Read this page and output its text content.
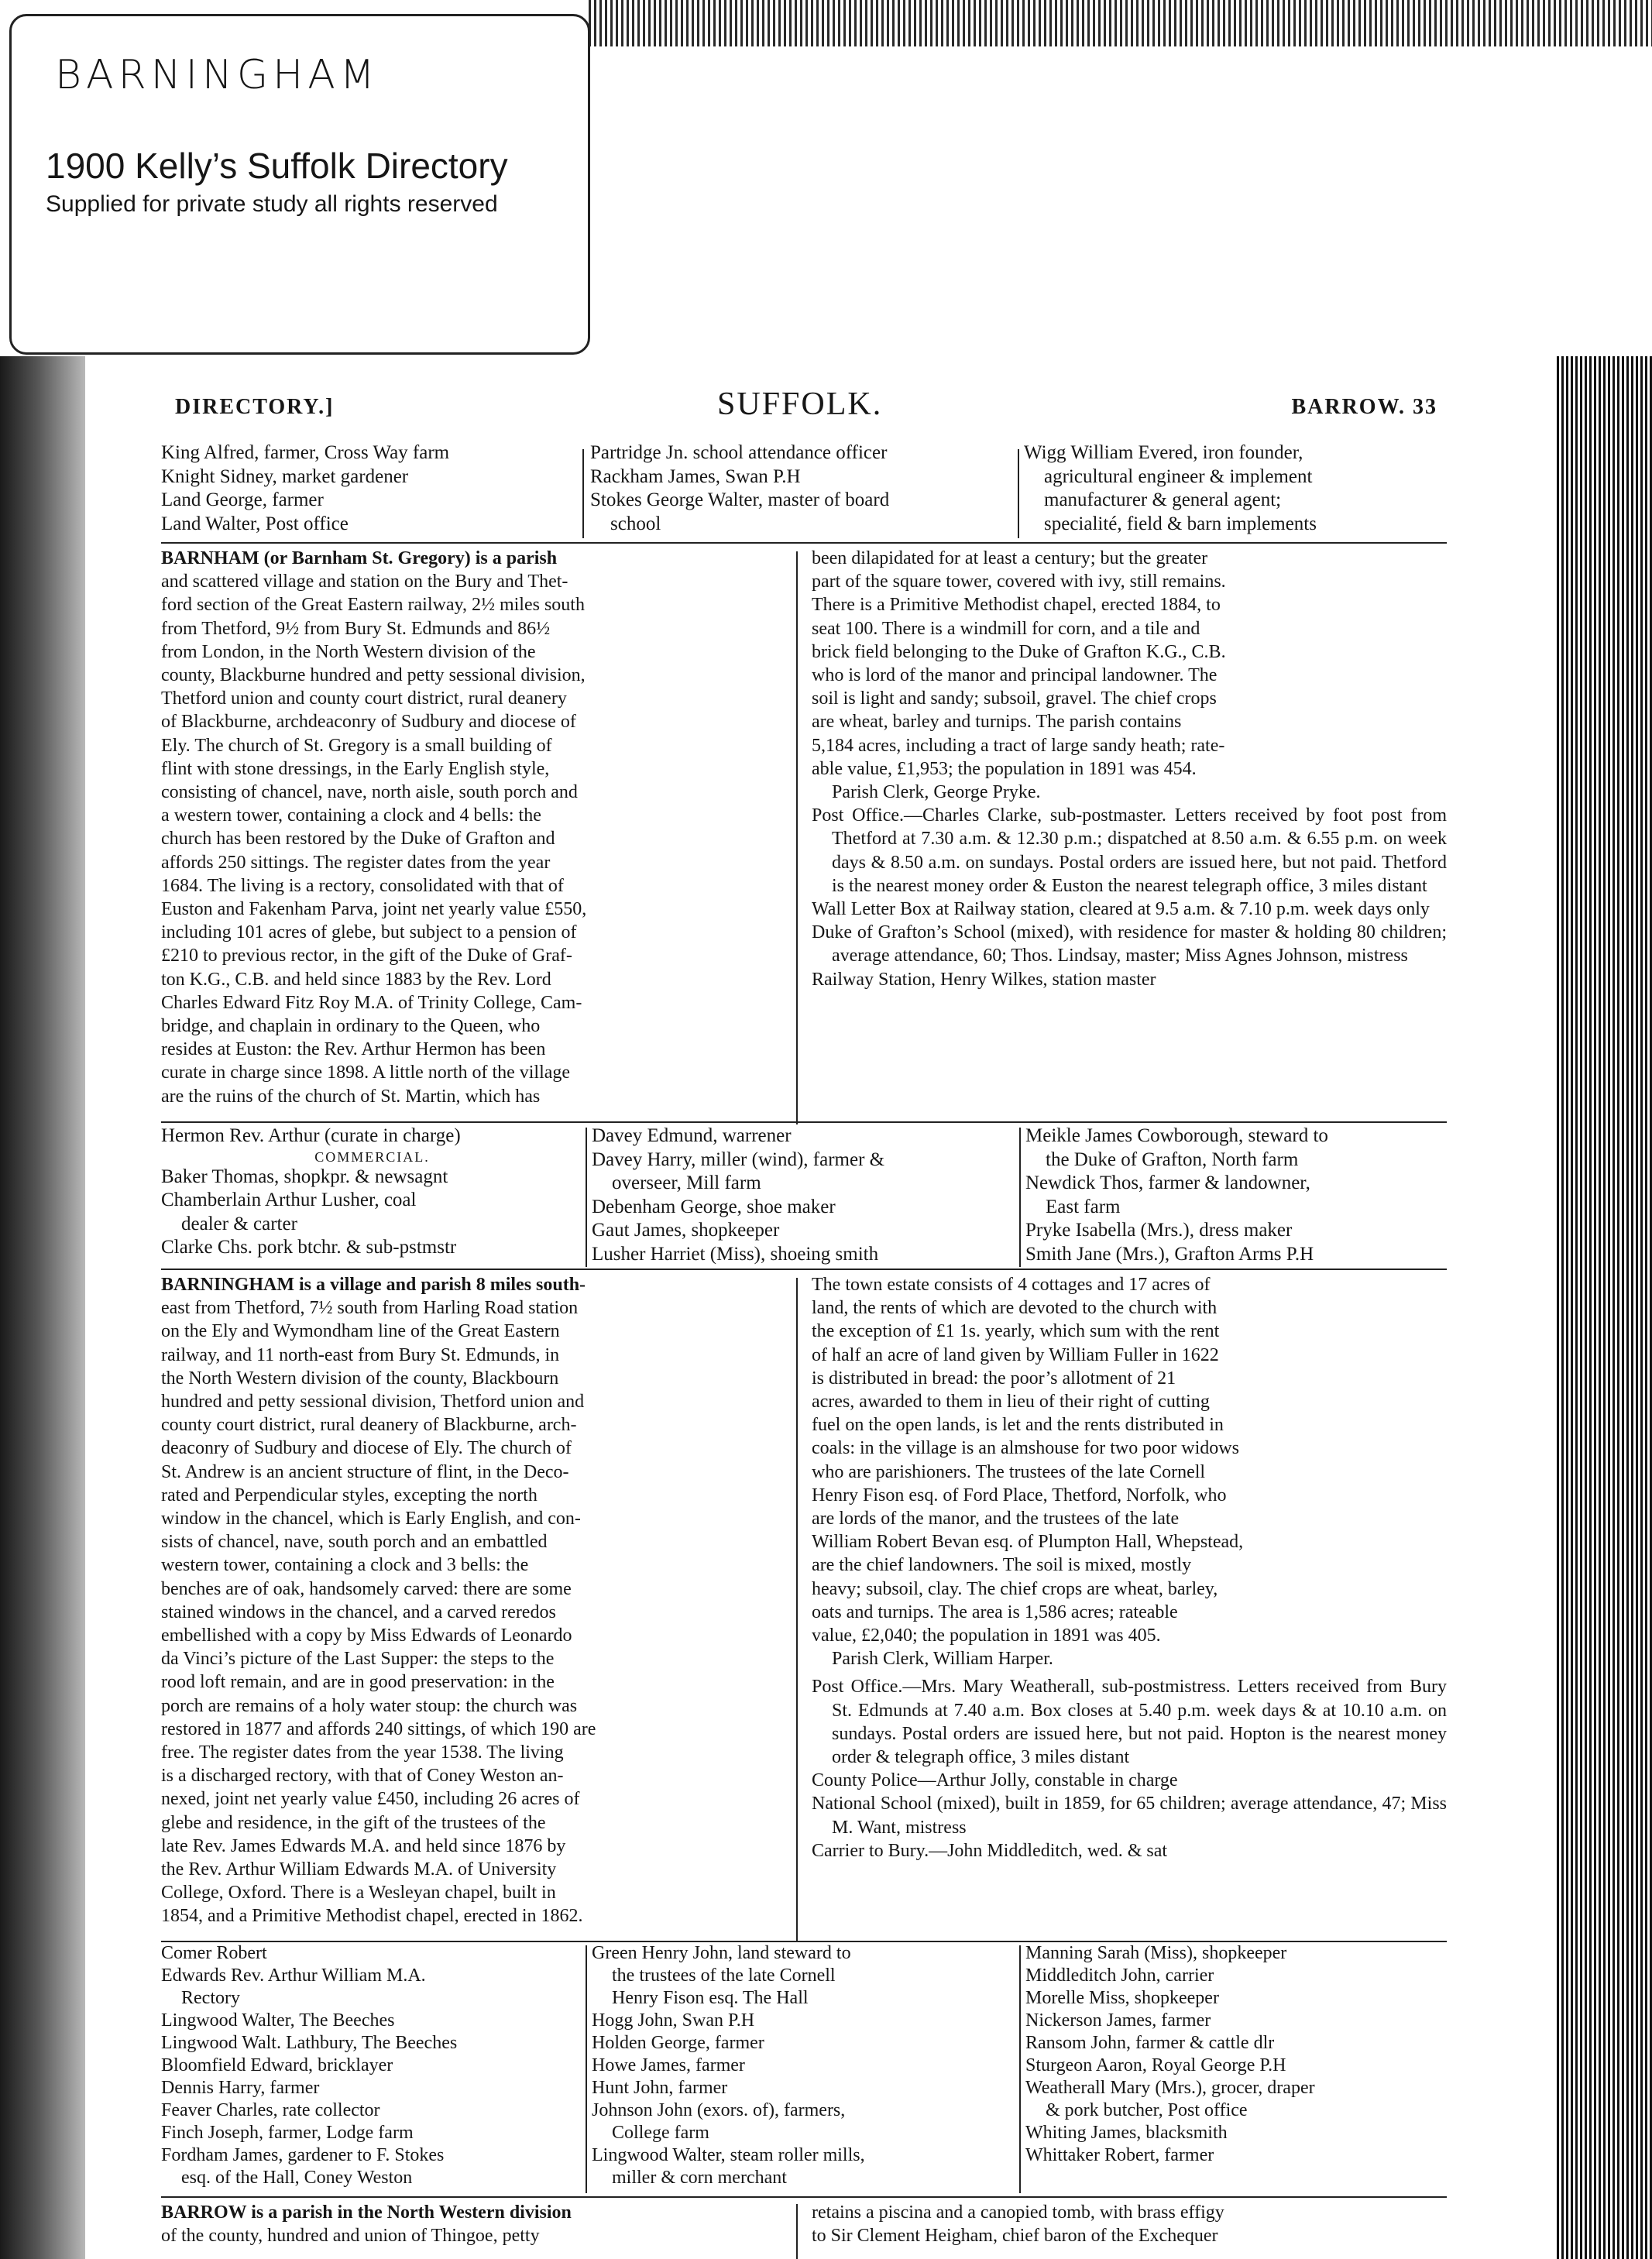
BARNINGHAM
1900 Kelly’s Suffolk Directory
Supplied for private study all rights reserved
DIRECTORY.]	SUFFOLK.	BARROW. 33

King Alfred, farmer, Cross Way farm

Knight Sidney, market gardener

Land George, farmer

Land Walter, Post office

Partridge Jn. school attendance officer

Rackham James, Swan P.H

Stokes George Walter, master of board

school

Wigg William Evered, iron founder,

agricultural engineer & implement

manufacturer & general agent;

specialité, field & barn implements

BARNHAM (or Barnham St. Gregory) is a parish

and scattered village and station on the Bury and Thet-

ford section of the Great Eastern railway, 2½ miles south

from Thetford, 9½ from Bury St. Edmunds and 86½

from London, in the North Western division of the

county, Blackburne hundred and petty sessional division,

Thetford union and county court district, rural deanery

of Blackburne, archdeaconry of Sudbury and diocese of

Ely. The church of St. Gregory is a small building of

flint with stone dressings, in the Early English style,

consisting of chancel, nave, north aisle, south porch and

a western tower, containing a clock and 4 bells: the

church has been restored by the Duke of Grafton and

affords 250 sittings. The register dates from the year

1684. The living is a rectory, consolidated with that of

Euston and Fakenham Parva, joint net yearly value £550,

including 101 acres of glebe, but subject to a pension of

£210 to previous rector, in the gift of the Duke of Graf-

ton K.G., C.B. and held since 1883 by the Rev. Lord

Charles Edward Fitz Roy M.A. of Trinity College, Cam-

bridge, and chaplain in ordinary to the Queen, who

resides at Euston: the Rev. Arthur Hermon has been

curate in charge since 1898. A little north of the village

are the ruins of the church of St. Martin, which has

been dilapidated for at least a century; but the greater

part of the square tower, covered with ivy, still remains.

There is a Primitive Methodist chapel, erected 1884, to

seat 100. There is a windmill for corn, and a tile and

brick field belonging to the Duke of Grafton K.G., C.B.

who is lord of the manor and principal landowner. The

soil is light and sandy; subsoil, gravel. The chief crops

are wheat, barley and turnips. The parish contains

5,184 acres, including a tract of large sandy heath; rate-

able value, £1,953; the population in 1891 was 454.

Parish Clerk, George Pryke.

Post Office.—Charles Clarke, sub-postmaster. Letters received by foot post from Thetford at 7.30 a.m. & 12.30 p.m.; dispatched at 8.50 a.m. & 6.55 p.m. on week days & 8.50 a.m. on sundays. Postal orders are issued here, but not paid. Thetford is the nearest money order & Euston the nearest telegraph office, 3 miles distant

Wall Letter Box at Railway station, cleared at 9.5 a.m. & 7.10 p.m. week days only

Duke of Grafton’s School (mixed), with residence for master & holding 80 children; average attendance, 60; Thos. Lindsay, master; Miss Agnes Johnson, mistress

Railway Station, Henry Wilkes, station master

Hermon Rev. Arthur (curate in charge)

COMMERCIAL.

Baker Thomas, shopkpr. & newsagnt

Chamberlain Arthur Lusher, coal

dealer & carter

Clarke Chs. pork btchr. & sub-pstmstr

Davey Edmund, warrener

Davey Harry, miller (wind), farmer &

overseer, Mill farm

Debenham George, shoe maker

Gaut James, shopkeeper

Lusher Harriet (Miss), shoeing smith

Meikle James Cowborough, steward to

the Duke of Grafton, North farm

Newdick Thos, farmer & landowner,

East farm

Pryke Isabella (Mrs.), dress maker

Smith Jane (Mrs.), Grafton Arms P.H

BARNINGHAM is a village and parish 8 miles south-

east from Thetford, 7½ south from Harling Road station

on the Ely and Wymondham line of the Great Eastern

railway, and 11 north-east from Bury St. Edmunds, in

the North Western division of the county, Blackbourn

hundred and petty sessional division, Thetford union and

county court district, rural deanery of Blackburne, arch-

deaconry of Sudbury and diocese of Ely. The church of

St. Andrew is an ancient structure of flint, in the Deco-

rated and Perpendicular styles, excepting the north

window in the chancel, which is Early English, and con-

sists of chancel, nave, south porch and an embattled

western tower, containing a clock and 3 bells: the

benches are of oak, handsomely carved: there are some

stained windows in the chancel, and a carved reredos

embellished with a copy by Miss Edwards of Leonardo

da Vinci’s picture of the Last Supper: the steps to the

rood loft remain, and are in good preservation: in the

porch are remains of a holy water stoup: the church was

restored in 1877 and affords 240 sittings, of which 190 are

free. The register dates from the year 1538. The living

is a discharged rectory, with that of Coney Weston an-

nexed, joint net yearly value £450, including 26 acres of

glebe and residence, in the gift of the trustees of the

late Rev. James Edwards M.A. and held since 1876 by

the Rev. Arthur William Edwards M.A. of University

College, Oxford. There is a Wesleyan chapel, built in

1854, and a Primitive Methodist chapel, erected in 1862.

The town estate consists of 4 cottages and 17 acres of

land, the rents of which are devoted to the church with

the exception of £1 1s. yearly, which sum with the rent

of half an acre of land given by William Fuller in 1622

is distributed in bread: the poor’s allotment of 21

acres, awarded to them in lieu of their right of cutting

fuel on the open lands, is let and the rents distributed in

coals: in the village is an almshouse for two poor widows

who are parishioners. The trustees of the late Cornell

Henry Fison esq. of Ford Place, Thetford, Norfolk, who

are lords of the manor, and the trustees of the late

William Robert Bevan esq. of Plumpton Hall, Whepstead,

are the chief landowners. The soil is mixed, mostly

heavy; subsoil, clay. The chief crops are wheat, barley,

oats and turnips. The area is 1,586 acres; rateable

value, £2,040; the population in 1891 was 405.

Parish Clerk, William Harper.

Post Office.—Mrs. Mary Weatherall, sub-postmistress. Letters received from Bury St. Edmunds at 7.40 a.m. Box closes at 5.40 p.m. week days & at 10.10 a.m. on sundays. Postal orders are issued here, but not paid. Hopton is the nearest money order & telegraph office, 3 miles distant

County Police—Arthur Jolly, constable in charge

National School (mixed), built in 1859, for 65 children; average attendance, 47; Miss M. Want, mistress

Carrier to Bury.—John Middleditch, wed. & sat

Comer Robert

Edwards Rev. Arthur William M.A.

Rectory

Lingwood Walter, The Beeches

Lingwood Walt. Lathbury, The Beeches

Bloomfield Edward, bricklayer

Dennis Harry, farmer

Feaver Charles, rate collector

Finch Joseph, farmer, Lodge farm

Fordham James, gardener to F. Stokes

esq. of the Hall, Coney Weston

Green Henry John, land steward to

the trustees of the late Cornell

Henry Fison esq. The Hall

Hogg John, Swan P.H

Holden George, farmer

Howe James, farmer

Hunt John, farmer

Johnson John (exors. of), farmers,

College farm

Lingwood Walter, steam roller mills,

miller & corn merchant

Manning Sarah (Miss), shopkeeper

Middleditch John, carrier

Morelle Miss, shopkeeper

Nickerson James, farmer

Ransom John, farmer & cattle dlr

Sturgeon Aaron, Royal George P.H

Weatherall Mary (Mrs.), grocer, draper

& pork butcher, Post office

Whiting James, blacksmith

Whittaker Robert, farmer

BARROW is a parish in the North Western division

of the county, hundred and union of Thingoe, petty

retains a piscina and a canopied tomb, with brass effigy

to Sir Clement Heigham, chief baron of the Exchequer
